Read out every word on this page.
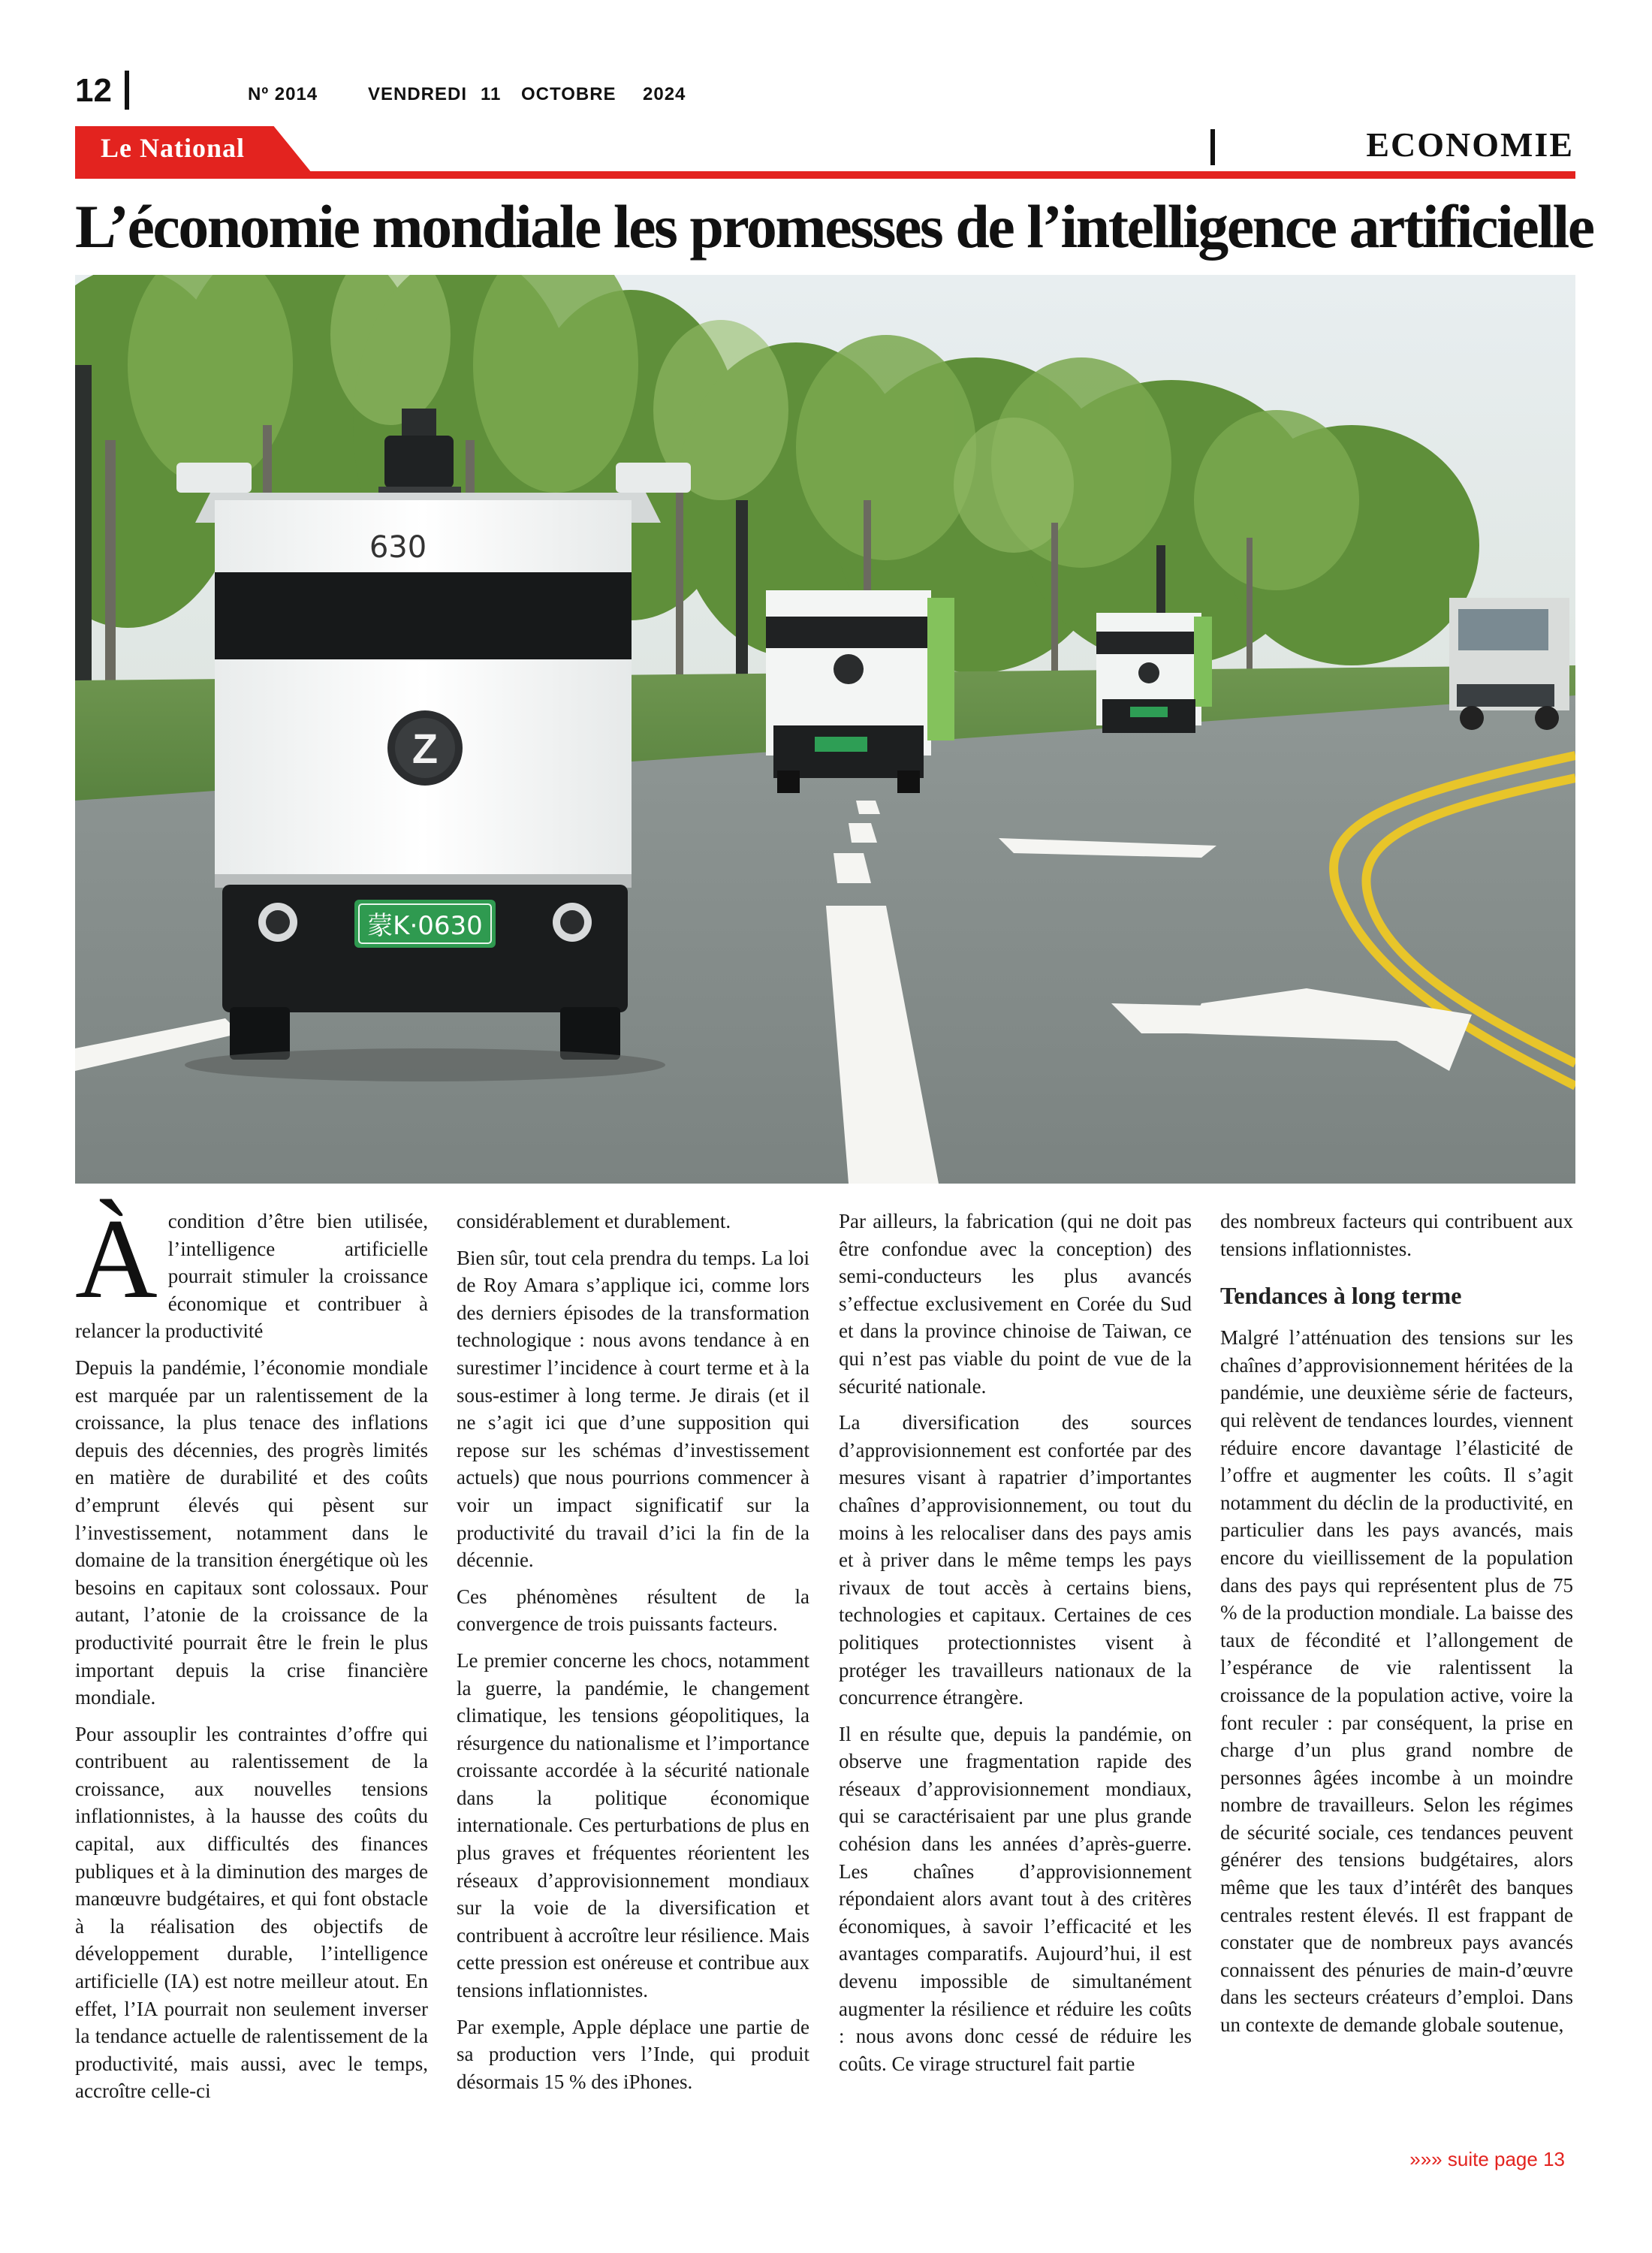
12	Nº 2014	VENDREDI 11 OCTOBRE 2024
Le National	ECONOMIE
L’économie mondiale les promesses de l’intelligence artificielle
630
Z
蒙K·0630

Àcondition d’être bien utilisée, l’intelligence artificielle pourrait stimuler la croissance économique et contribuer à relancer la productivité

Depuis la pandémie, l’économie mondiale est marquée par un ralentissement de la croissance, la plus tenace des inflations depuis des décennies, des progrès limités en matière de durabilité et des coûts d’emprunt élevés qui pèsent sur l’investissement, notamment dans le domaine de la transition énergétique où les besoins en capitaux sont colossaux. Pour autant, l’atonie de la croissance de la productivité pourrait être le frein le plus important depuis la crise financière mondiale.

Pour assouplir les contraintes d’offre qui contribuent au ralentissement de la croissance, aux nouvelles tensions inflationnistes, à la hausse des coûts du capital, aux difficultés des finances publiques et à la diminution des marges de manœuvre budgétaires, et qui font obstacle à la réalisation des objectifs de développement durable, l’intelligence artificielle (IA) est notre meilleur atout. En effet, l’IA pourrait non seulement inverser la tendance actuelle de ralentissement de la productivité, mais aussi, avec le temps, accroître celle-ci

considérablement et durablement.

Bien sûr, tout cela prendra du temps. La loi de Roy Amara s’applique ici, comme lors des derniers épisodes de la transformation technologique : nous avons tendance à en surestimer l’incidence à court terme et à la sous-estimer à long terme. Je dirais (et il ne s’agit ici que d’une supposition qui repose sur les schémas d’investissement actuels) que nous pourrions commencer à voir un impact significatif sur la productivité du travail d’ici la fin de la décennie.

Ces phénomènes résultent de la convergence de trois puissants facteurs.

Le premier concerne les chocs, notamment la guerre, la pandémie, le changement climatique, les tensions géopolitiques, la résurgence du nationalisme et l’importance croissante accordée à la sécurité nationale dans la politique économique internationale. Ces perturbations de plus en plus graves et fréquentes réorientent les réseaux d’approvisionnement mondiaux sur la voie de la diversification et contribuent à accroître leur résilience. Mais cette pression est onéreuse et contribue aux tensions inflationnistes.

Par exemple, Apple déplace une partie de sa production vers l’Inde, qui produit désormais 15 % des iPhones.

Par ailleurs, la fabrication (qui ne doit pas être confondue avec la conception) des semi-conducteurs les plus avancés s’effectue exclusivement en Corée du Sud et dans la province chinoise de Taiwan, ce qui n’est pas viable du point de vue de la sécurité nationale.

La diversification des sources d’approvisionnement est confortée par des mesures visant à rapatrier d’importantes chaînes d’approvisionnement, ou tout du moins à les relocaliser dans des pays amis et à priver dans le même temps les pays rivaux de tout accès à certains biens, technologies et capitaux. Certaines de ces politiques protectionnistes visent à protéger les travailleurs nationaux de la concurrence étrangère.

Il en résulte que, depuis la pandémie, on observe une fragmentation rapide des réseaux d’approvisionnement mondiaux, qui se caractérisaient par une plus grande cohésion dans les années d’après-guerre. Les chaînes d’approvisionnement répondaient alors avant tout à des critères économiques, à savoir l’efficacité et les avantages comparatifs. Aujourd’hui, il est devenu impossible de simultanément augmenter la résilience et réduire les coûts : nous avons donc cessé de réduire les coûts. Ce virage structurel fait partie

des nombreux facteurs qui contribuent aux tensions inflationnistes.

Tendances à long terme

Malgré l’atténuation des tensions sur les chaînes d’approvisionnement héritées de la pandémie, une deuxième série de facteurs, qui relèvent de tendances lourdes, viennent réduire encore davantage l’élasticité de l’offre et augmenter les coûts. Il s’agit notamment du déclin de la productivité, en particulier dans les pays avancés, mais encore du vieillissement de la population dans des pays qui représentent plus de 75 % de la production mondiale. La baisse des taux de fécondité et l’allongement de l’espérance de vie ralentissent la croissance de la population active, voire la font reculer : par conséquent, la prise en charge d’un plus grand nombre de personnes âgées incombe à un moindre nombre de travailleurs. Selon les régimes de sécurité sociale, ces tendances peuvent générer des tensions budgétaires, alors même que les taux d’intérêt des banques centrales restent élevés. Il est frappant de constater que de nombreux pays avancés connaissent des pénuries de main-d’œuvre dans les secteurs créateurs d’emploi. Dans un contexte de demande globale soutenue,

»»» suite page 13
